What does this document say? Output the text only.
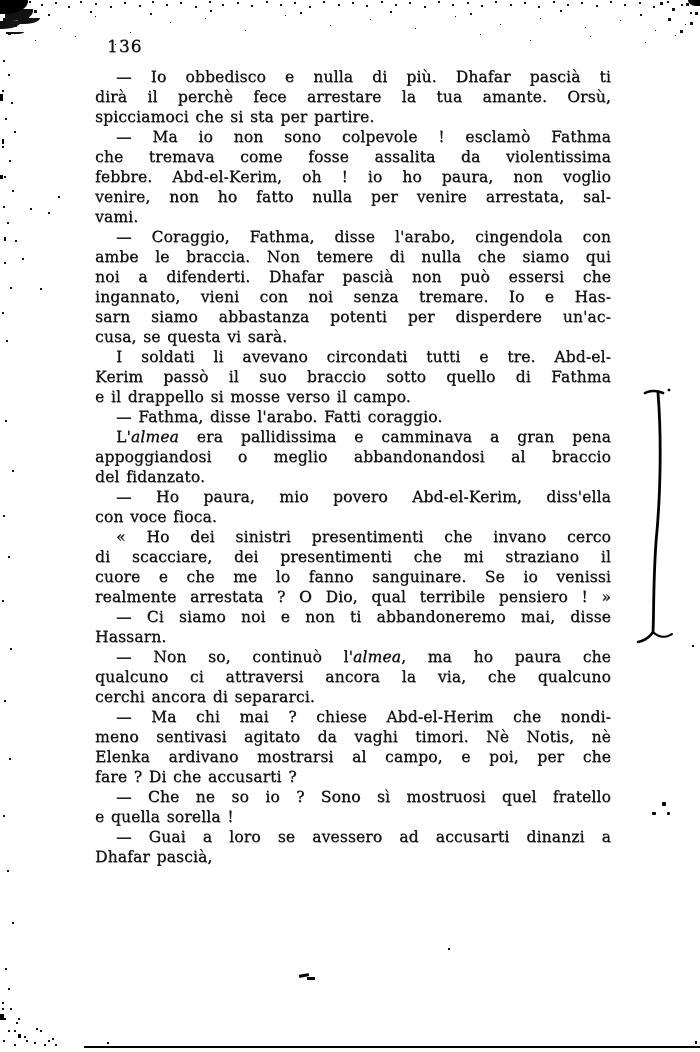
136
— Io obbedisco e nulla di più. Dhafar pascià ti
dirà il perchè fece arrestare la tua amante. Orsù,
spicciamoci che si sta per partire.
— Ma io non sono colpevole ! esclamò Fathma
che tremava come fosse assalita da violentissima
febbre. Abd-el-Kerim, oh ! io ho paura, non voglio
venire, non ho fatto nulla per venire arrestata, sal-
vami.
— Coraggio, Fathma, disse l'arabo, cingendola con
ambe le braccia. Non temere di nulla che siamo qui
noi a difenderti. Dhafar pascià non può essersi che
ingannato, vieni con noi senza tremare. Io e Has-
sarn siamo abbastanza potenti per disperdere un'ac-
cusa, se questa vi sarà.
I soldati li avevano circondati tutti e tre. Abd-el-
Kerim passò il suo braccio sotto quello di Fathma
e il drappello si mosse verso il campo.
— Fathma, disse l'arabo. Fatti coraggio.
L'almea era pallidissima e camminava a gran pena
appoggiandosi o meglio abbandonandosi al braccio
del fidanzato.
— Ho paura, mio povero Abd-el-Kerim, diss'ella
con voce fioca.
« Ho dei sinistri presentimenti che invano cerco
di scacciare, dei presentimenti che mi straziano il
cuore e che me lo fanno sanguinare. Se io venissi
realmente arrestata ? O Dio, qual terribile pensiero ! »
— Ci siamo noi e non ti abbandoneremo mai, disse
Hassarn.
— Non so, continuò l'almea, ma ho paura che
qualcuno ci attraversi ancora la via, che qualcuno
cerchi ancora di separarci.
— Ma chi mai ? chiese Abd-el-Herim che nondi-
meno sentivasi agitato da vaghi timori. Nè Notis, nè
Elenka ardivano mostrarsi al campo, e poi, per che
fare ? Di che accusarti ?
— Che ne so io ? Sono sì mostruosi quel fratello
e quella sorella !
— Guai a loro se avessero ad accusarti dinanzi a
Dhafar pascià,
